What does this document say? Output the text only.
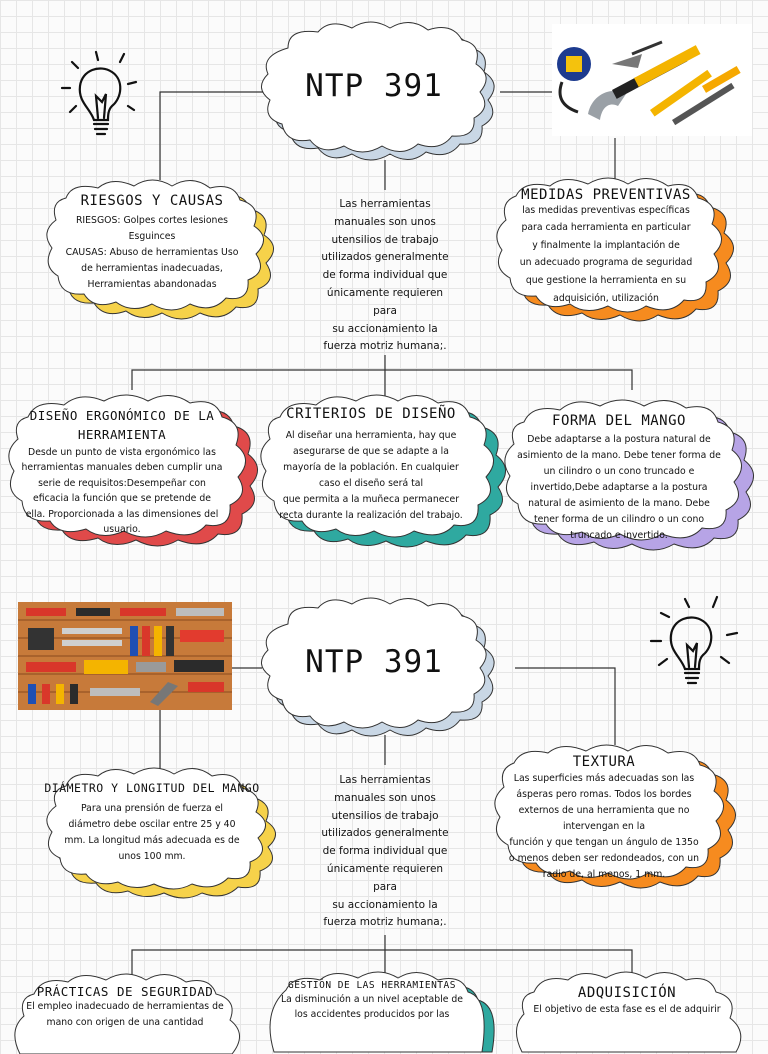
NTP 391
RIESGOS Y CAUSAS
RIESGOS: Golpes cortes lesiones
Esguinces
CAUSAS: Abuso de herramientas Uso
de herramientas inadecuadas,
Herramientas abandonadas
Las herramientas
manuales son unos
utensilios de trabajo
utilizados generalmente
de forma individual que
únicamente requieren
para
su accionamiento la
fuerza motriz humana;.
MEDIDAS PREVENTIVAS
las medidas preventivas específicas
para cada herramienta en particular
y finalmente la implantación de
un adecuado programa de seguridad
que gestione la herramienta en su
adquisición, utilización
DISEÑO ERGONÓMICO DE LA
HERRAMIENTA
Desde un punto de vista ergonómico las
herramientas manuales deben cumplir una
serie de requisitos:Desempeñar con
eficacia la función que se pretende de
ella. Proporcionada a las dimensiones del
usuario.
CRITERIOS DE DISEÑO
Al diseñar una herramienta, hay que
asegurarse de que se adapte a la
mayoría de la población. En cualquier
caso el diseño será tal
que permita a la muñeca permanecer
recta durante la realización del trabajo.
FORMA DEL MANGO
Debe adaptarse a la postura natural de
asimiento de la mano. Debe tener forma de
un cilindro o un cono truncado e
invertido,Debe adaptarse a la postura
natural de asimiento de la mano. Debe
tener forma de un cilindro o un cono
truncado e invertido.
NTP 391
DIÁMETRO Y LONGITUD DEL MANGO
Para una prensión de fuerza el
diámetro debe oscilar entre 25 y 40
mm. La longitud más adecuada es de
unos 100 mm.
Las herramientas
manuales son unos
utensilios de trabajo
utilizados generalmente
de forma individual que
únicamente requieren
para
su accionamiento la
fuerza motriz humana;.
TEXTURA
Las superficies más adecuadas son las
ásperas pero romas. Todos los bordes
externos de una herramienta que no
intervengan en la
función y que tengan un ángulo de 135o
o menos deben ser redondeados, con un
radio de, al menos, 1 mm.
PRÁCTICAS DE SEGURIDAD
El empleo inadecuado de herramientas de
mano con origen de una cantidad
GESTIÓN DE LAS HERRAMIENTAS
La disminución a un nivel aceptable de
los accidentes producidos por las
ADQUISICIÓN
El objetivo de esta fase es el de adquirir
